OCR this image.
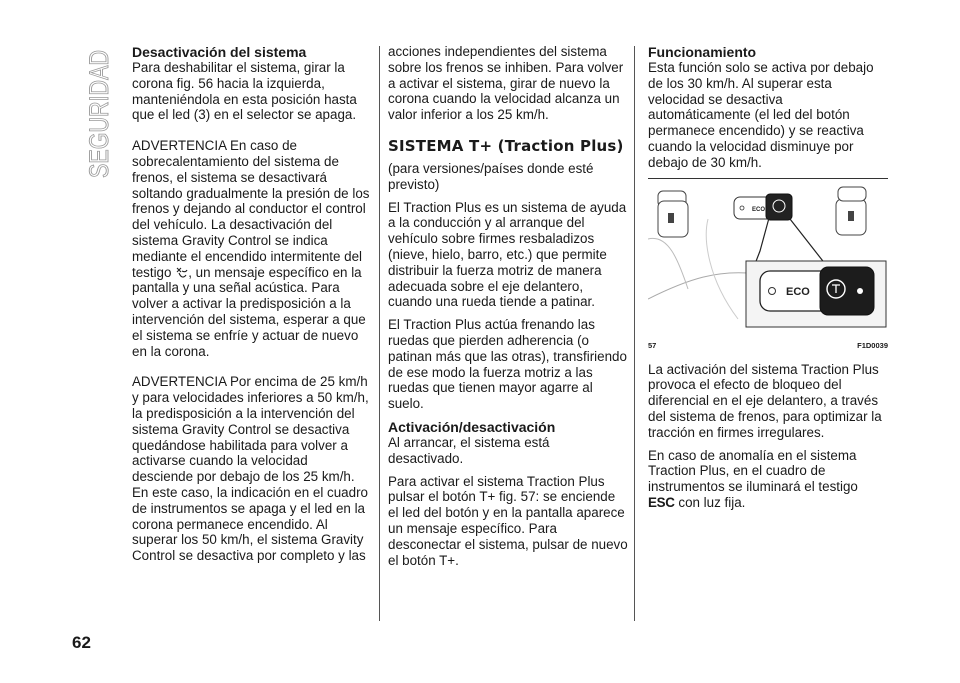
SEGURIDAD
62
Desactivación del sistema

Para deshabilitar el sistema, girar la corona fig. 56 hacia la izquierda, manteniéndola en esta posición hasta que el led (3) en el selector se apaga.

ADVERTENCIA En caso de sobrecalentamiento del sistema de frenos, el sistema se desactivará soltando gradualmente la presión de los frenos y dejando al conductor el control del vehículo. La desactivación del sistema Gravity Control se indica mediante el encendido intermitente del testigo , un mensaje específico en la pantalla y una señal acústica. Para volver a activar la predisposición a la intervención del sistema, esperar a que el sistema se enfríe y actuar de nuevo en la corona.

ADVERTENCIA Por encima de 25 km/h y para velocidades inferiores a 50 km/h, la predisposición a la intervención del sistema Gravity Control se desactiva quedándose habilitada para volver a activarse cuando la velocidad desciende por debajo de los 25 km/h. En este caso, la indicación en el cuadro de instrumentos se apaga y el led en la corona permanece encendido. Al superar los 50 km/h, el sistema Gravity Control se desactiva por completo y las

acciones independientes del sistema sobre los frenos se inhiben. Para volver a activar el sistema, girar de nuevo la corona cuando la velocidad alcanza un valor inferior a los 25 km/h.

SISTEMA T+ (Traction Plus)

(para versiones/países donde esté previsto)

El Traction Plus es un sistema de ayuda a la conducción y al arranque del vehículo sobre firmes resbaladizos (nieve, hielo, barro, etc.) que permite distribuir la fuerza motriz de manera adecuada sobre el eje delantero, cuando una rueda tiende a patinar.

El Traction Plus actúa frenando las ruedas que pierden adherencia (o patinan más que las otras), transfiriendo de ese modo la fuerza motriz a las ruedas que tienen mayor agarre al suelo.

Activación/desactivación

Al arrancar, el sistema está desactivado.

Para activar el sistema Traction Plus pulsar el botón T+ fig. 57: se enciende el led del botón y en la pantalla aparece un mensaje específico. Para desconectar el sistema, pulsar de nuevo el botón T+.

Funcionamiento

Esta función solo se activa por debajo de los 30 km/h. Al superar esta velocidad se desactiva automáticamente (el led del botón permanece encendido) y se reactiva cuando la velocidad disminuye por debajo de 30 km/h.

ECO
ECO
57	F1D0039

La activación del sistema Traction Plus provoca el efecto de bloqueo del diferencial en el eje delantero, a través del sistema de frenos, para optimizar la tracción en firmes irregulares.

En caso de anomalía en el sistema Traction Plus, en el cuadro de instrumentos se iluminará el testigo ESC con luz fija.
